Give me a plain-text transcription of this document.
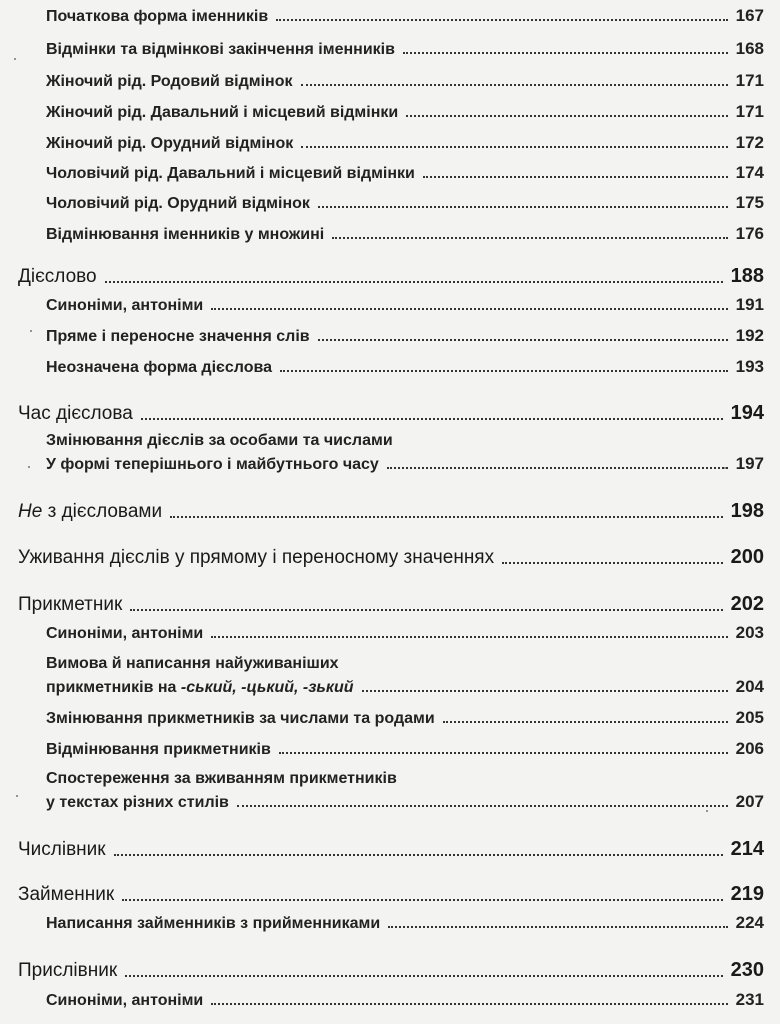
Початкова форма іменників	167
Відмінки та відмінкові закінчення іменників	168
Жіночий рід. Родовий відмінок	171
Жіночий рід. Давальний і місцевий відмінки	171
Жіночий рід. Орудний відмінок	172
Чоловічий рід. Давальний і місцевий відмінки	174
Чоловічий рід. Орудний відмінок	175
Відмінювання іменників у множині	176
Дієслово	188
Синоніми, антоніми	191
Пряме і переносне значення слів	192
Неозначена форма дієслова	193
Час дієслова	194
Змінювання дієслів за особами та числами
У формі теперішнього і майбутнього часу	197
Не з дієсловами	198
Уживання дієслів у прямому і переносному значеннях	200
Прикметник	202
Синоніми, антоніми	203
Вимова й написання найуживаніших
прикметників на -ський, -цький, -зький	204
Змінювання прикметників за числами та родами	205
Відмінювання прикметників	206
Спостереження за вживанням прикметників
у текстах різних стилів	207
Числівник	214
Займенник	219
Написання займенників з прийменниками	224
Прислівник	230
Синоніми, антоніми	231
